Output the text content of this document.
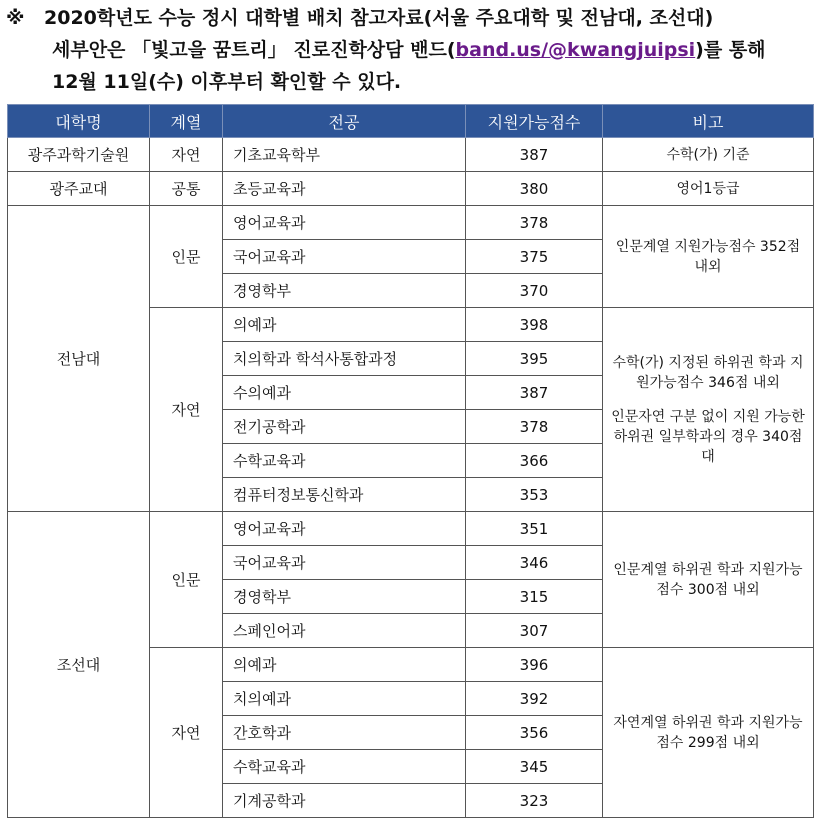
※ 2020학년도 수능 정시 대학별 배치 참고자료(서울 주요대학 및 전남대, 조선대)
세부안은 「빛고을 꿈트리」 진로진학상담 밴드(band.us/@kwangjuipsi)를 통해
12월 11일(수) 이후부터 확인할 수 있다.
대학명	계열	전공	지원가능점수	비고
광주과학기술원	자연	기초교육학부	387	수학(가) 기준
광주교대	공통	초등교육과	380	영어1등급
전남대	인문	영어교육과	378	인문계열 지원가능점수 352점 내외
		국어교육과	375	
		경영학부	370	
	자연	의예과	398	수학(가) 지정된 하위권 학과 지원가능점수 346점 내외
인문자연 구분 없이 지원 가능한 하위권 일부학과의 경우 340점대

		치의학과 학석사통합과정	395	
		수의예과	387	
		전기공학과	378	
		수학교육과	366	
		컴퓨터정보통신학과	353	
조선대	인문	영어교육과	351	인문계열 하위권 학과 지원가능점수 300점 내외
		국어교육과	346	
		경영학부	315	
		스페인어과	307	
	자연	의예과	396	자연계열 하위권 학과 지원가능점수 299점 내외
		치의예과	392	
		간호학과	356	
		수학교육과	345	
		기계공학과	323	
